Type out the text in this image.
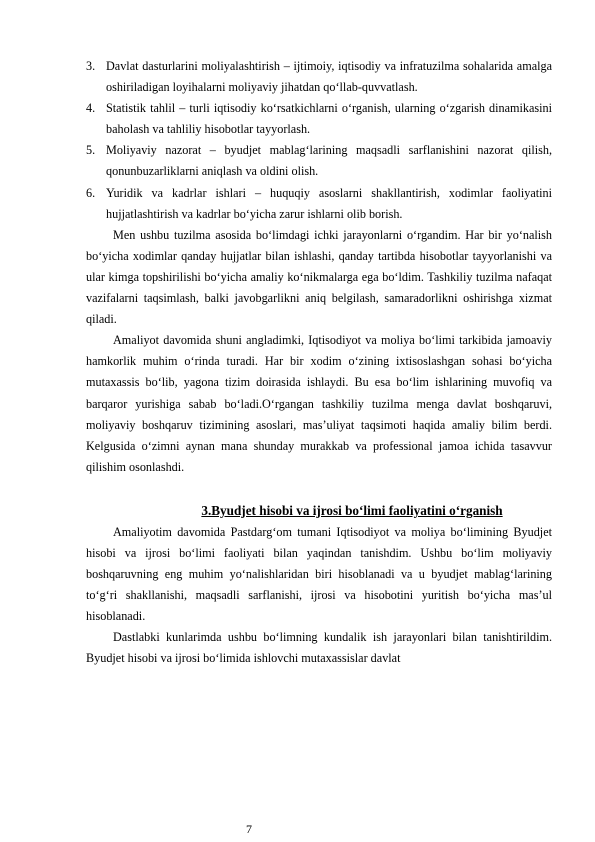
3. Davlat dasturlarini moliyalashtirish – ijtimoiy, iqtisodiy va infratuzilma sohalarida amalga oshiriladigan loyihalarni moliyaviy jihatdan qo‘llab-quvvatlash.
4. Statistik tahlil – turli iqtisodiy ko‘rsatkichlarni o‘rganish, ularning o‘zgarish dinamikasini baholash va tahliliy hisobotlar tayyorlash.
5. Moliyaviy nazorat – byudjet mablag‘larining maqsadli sarflanishini nazorat qilish, qonunbuzarliklarni aniqlash va oldini olish.
6. Yuridik va kadrlar ishlari – huquqiy asoslarni shakllantirish, xodimlar faoliyatini hujjatlashtirish va kadrlar bo‘yicha zarur ishlarni olib borish.

Men ushbu tuzilma asosida bo‘limdagi ichki jarayonlarni o‘rgandim. Har bir yo‘nalish bo‘yicha xodimlar qanday hujjatlar bilan ishlashi, qanday tartibda hisobotlar tayyorlanishi va ular kimga topshirilishi bo‘yicha amaliy ko‘nikmalarga ega bo‘ldim. Tashkiliy tuzilma nafaqat vazifalarni taqsimlash, balki javobgarlikni aniq belgilash, samaradorlikni oshirishga xizmat qiladi.

Amaliyot davomida shuni angladimki, Iqtisodiyot va moliya bo‘limi tarkibida jamoaviy hamkorlik muhim o‘rinda turadi. Har bir xodim o‘zining ixtisoslashgan sohasi bo‘yicha mutaxassis bo‘lib, yagona tizim doirasida ishlaydi. Bu esa bo‘lim ishlarining muvofiq va barqaror yurishiga sabab bo‘ladi.O‘rgangan tashkiliy tuzilma menga davlat boshqaruvi, moliyaviy boshqaruv tizimining asoslari, mas’uliyat taqsimoti haqida amaliy bilim berdi. Kelgusida o‘zimni aynan mana shunday murakkab va professional jamoa ichida tasavvur qilishim osonlashdi.

3.Byudjet hisobi va ijrosi bo‘limi faoliyatini o‘rganish

Amaliyotim davomida Pastdarg‘om tumani Iqtisodiyot va moliya bo‘limining Byudjet hisobi va ijrosi bo‘limi faoliyati bilan yaqindan tanishdim. Ushbu bo‘lim moliyaviy boshqaruvning eng muhim yo‘nalishlaridan biri hisoblanadi va u byudjet mablag‘larining to‘g‘ri shakllanishi, maqsadli sarflanishi, ijrosi va hisobotini yuritish bo‘yicha mas’ul hisoblanadi.

Dastlabki kunlarimda ushbu bo‘limning kundalik ish jarayonlari bilan tanishtirildim. Byudjet hisobi va ijrosi bo‘limida ishlovchi mutaxassislar davlat

7
